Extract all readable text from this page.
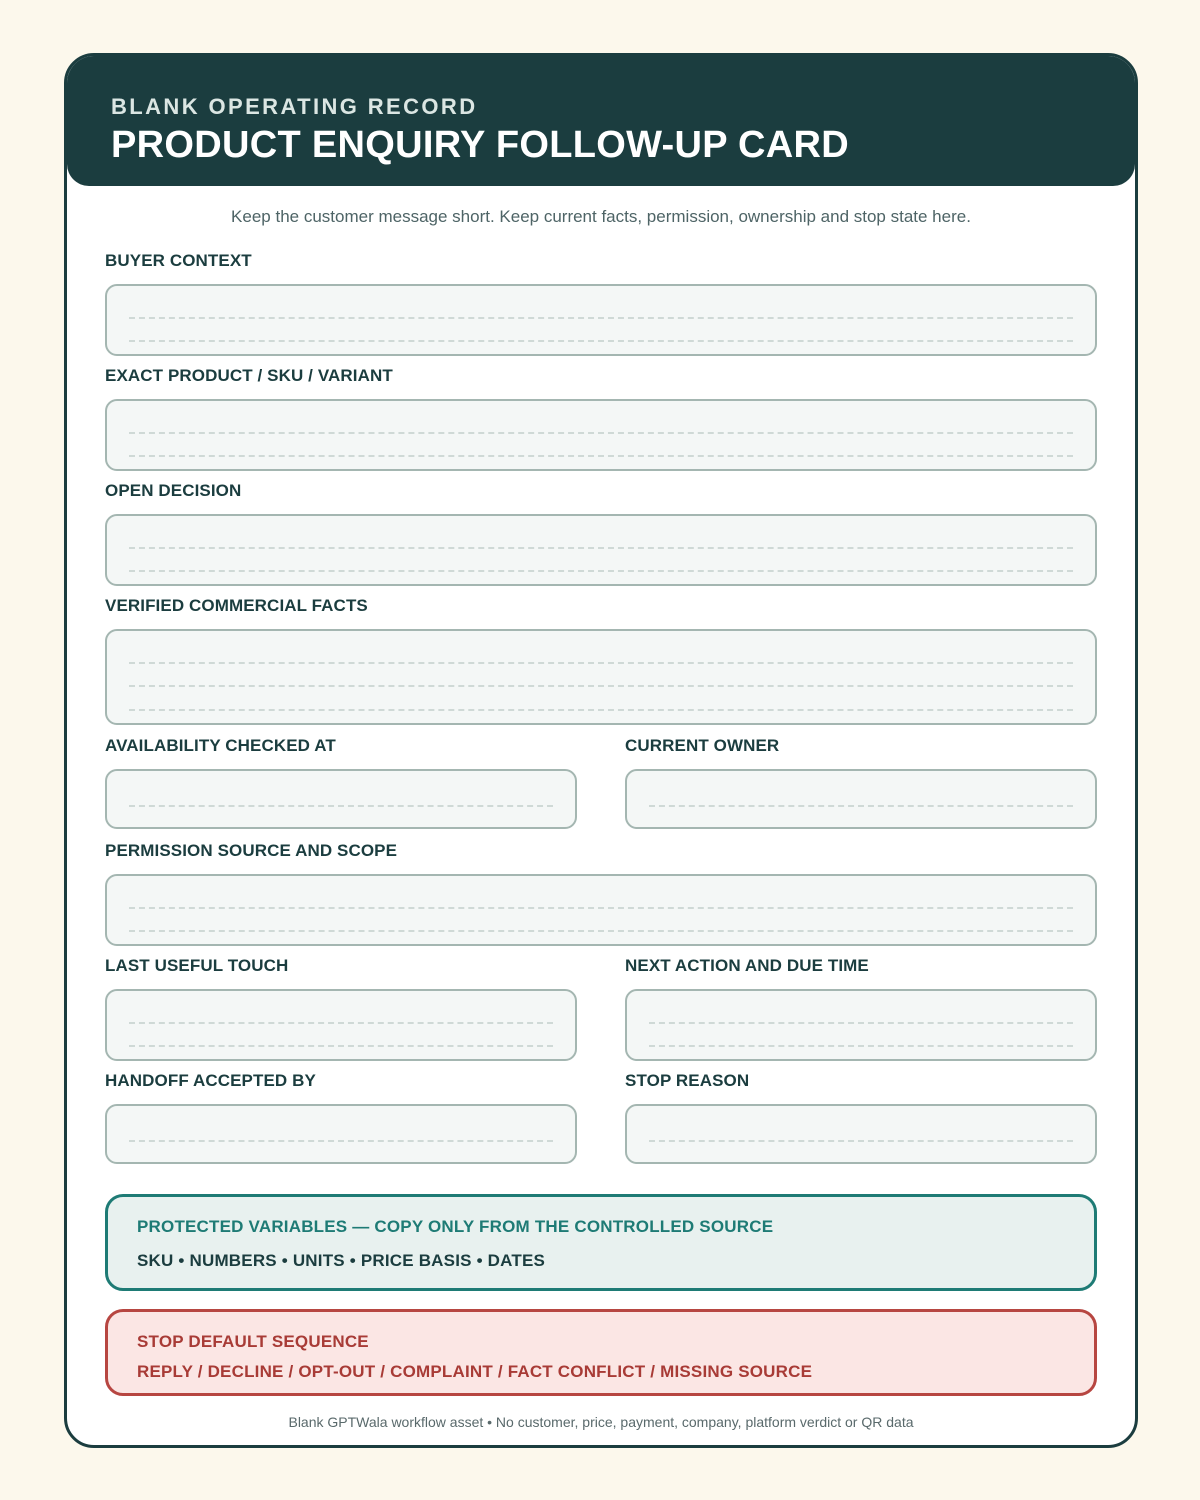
BLANK OPERATING RECORD
PRODUCT ENQUIRY FOLLOW-UP CARD
Keep the customer message short. Keep current facts, permission, ownership and stop state here.
BUYER CONTEXT
EXACT PRODUCT / SKU / VARIANT
OPEN DECISION
VERIFIED COMMERCIAL FACTS
AVAILABILITY CHECKED AT	CURRENT OWNER
PERMISSION SOURCE AND SCOPE
LAST USEFUL TOUCH	NEXT ACTION AND DUE TIME
HANDOFF ACCEPTED BY	STOP REASON
PROTECTED VARIABLES — COPY ONLY FROM THE CONTROLLED SOURCE
SKU • NUMBERS • UNITS • PRICE BASIS • DATES
STOP DEFAULT SEQUENCE
REPLY / DECLINE / OPT-OUT / COMPLAINT / FACT CONFLICT / MISSING SOURCE
Blank GPTWala workflow asset • No customer, price, payment, company, platform verdict or QR data
